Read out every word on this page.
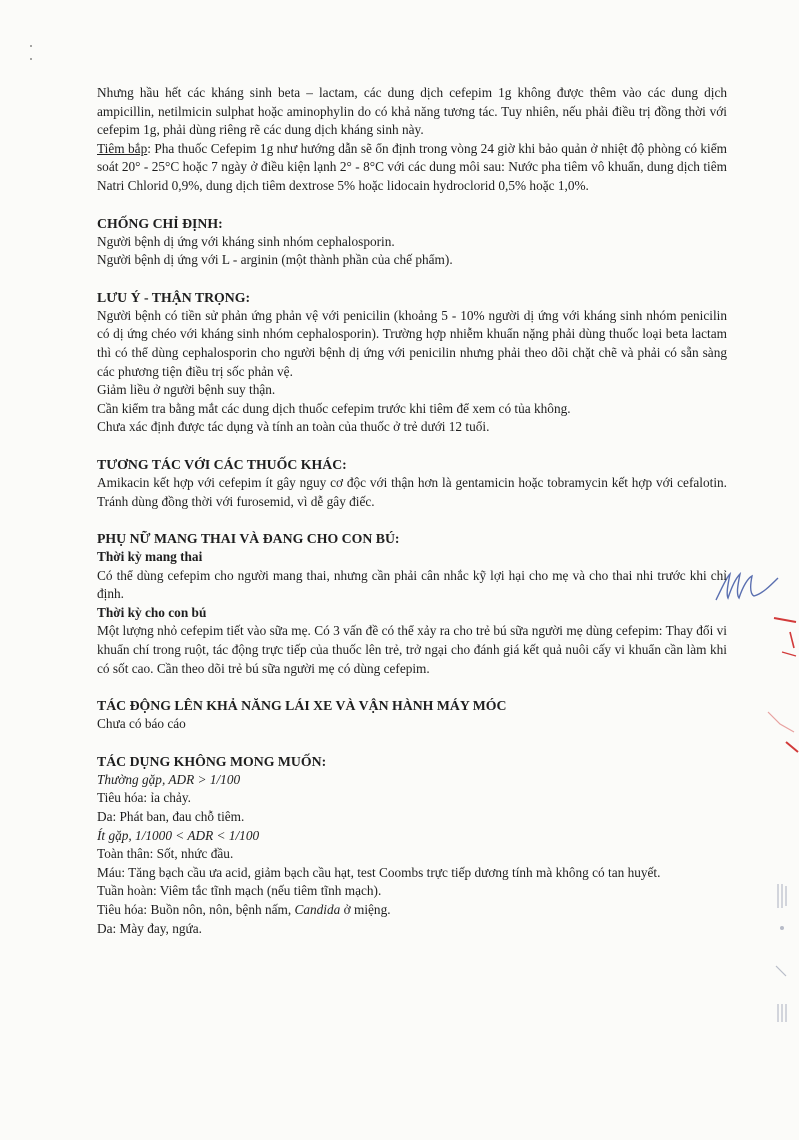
Nhưng hầu hết các kháng sinh beta – lactam, các dung dịch cefepim 1g không được thêm vào các dung dịch ampicillin, netilmicin sulphat hoặc aminophylin do có khả năng tương tác. Tuy nhiên, nếu phải điều trị đồng thời với cefepim 1g, phải dùng riêng rẽ các dung dịch kháng sinh này.

Tiêm bắp: Pha thuốc Cefepim 1g như hướng dẫn sẽ ổn định trong vòng 24 giờ khi bảo quản ở nhiệt độ phòng có kiểm soát 20° - 25°C hoặc 7 ngày ở điều kiện lạnh 2° - 8°C với các dung môi sau: Nước pha tiêm vô khuẩn, dung dịch tiêm Natri Chlorid 0,9%, dung dịch tiêm dextrose 5% hoặc lidocain hydroclorid 0,5% hoặc 1,0%.

CHỐNG CHỈ ĐỊNH:

Người bệnh dị ứng với kháng sinh nhóm cephalosporin.

Người bệnh dị ứng với L - arginin (một thành phần của chế phẩm).

LƯU Ý - THẬN TRỌNG:

Người bệnh có tiền sử phản ứng phản vệ với penicilin (khoảng 5 - 10% người dị ứng với kháng sinh nhóm penicilin có dị ứng chéo với kháng sinh nhóm cephalosporin). Trường hợp nhiễm khuẩn nặng phải dùng thuốc loại beta lactam thì có thể dùng cephalosporin cho người bệnh dị ứng với penicilin nhưng phải theo dõi chặt chẽ và phải có sẵn sàng các phương tiện điều trị sốc phản vệ.

Giảm liều ở người bệnh suy thận.

Cần kiểm tra bằng mắt các dung dịch thuốc cefepim trước khi tiêm để xem có tủa không.

Chưa xác định được tác dụng và tính an toàn của thuốc ở trẻ dưới 12 tuổi.

TƯƠNG TÁC VỚI CÁC THUỐC KHÁC:

Amikacin kết hợp với cefepim ít gây nguy cơ độc với thận hơn là gentamicin hoặc tobramycin kết hợp với cefalotin. Tránh dùng đồng thời với furosemid, vì dễ gây điếc.

PHỤ NỮ MANG THAI VÀ ĐANG CHO CON BÚ:

Thời kỳ mang thai

Có thể dùng cefepim cho người mang thai, nhưng cần phải cân nhắc kỹ lợi hại cho mẹ và cho thai nhi trước khi chỉ định.

Thời kỳ cho con bú

Một lượng nhỏ cefepim tiết vào sữa mẹ. Có 3 vấn đề có thể xảy ra cho trẻ bú sữa người mẹ dùng cefepim: Thay đổi vi khuẩn chí trong ruột, tác động trực tiếp của thuốc lên trẻ, trở ngại cho đánh giá kết quả nuôi cấy vi khuẩn cần làm khi có sốt cao. Cần theo dõi trẻ bú sữa người mẹ có dùng cefepim.

TÁC ĐỘNG LÊN KHẢ NĂNG LÁI XE VÀ VẬN HÀNH MÁY MÓC

Chưa có báo cáo

TÁC DỤNG KHÔNG MONG MUỐN:

Thường gặp, ADR > 1/100

Tiêu hóa: ỉa chảy.

Da: Phát ban, đau chỗ tiêm.

Ít gặp, 1/1000 < ADR < 1/100

Toàn thân: Sốt, nhức đầu.

Máu: Tăng bạch cầu ưa acid, giảm bạch cầu hạt, test Coombs trực tiếp dương tính mà không có tan huyết.

Tuần hoàn: Viêm tắc tĩnh mạch (nếu tiêm tĩnh mạch).

Tiêu hóa: Buồn nôn, nôn, bệnh nấm, Candida ở miệng.

Da: Mày đay, ngứa.
